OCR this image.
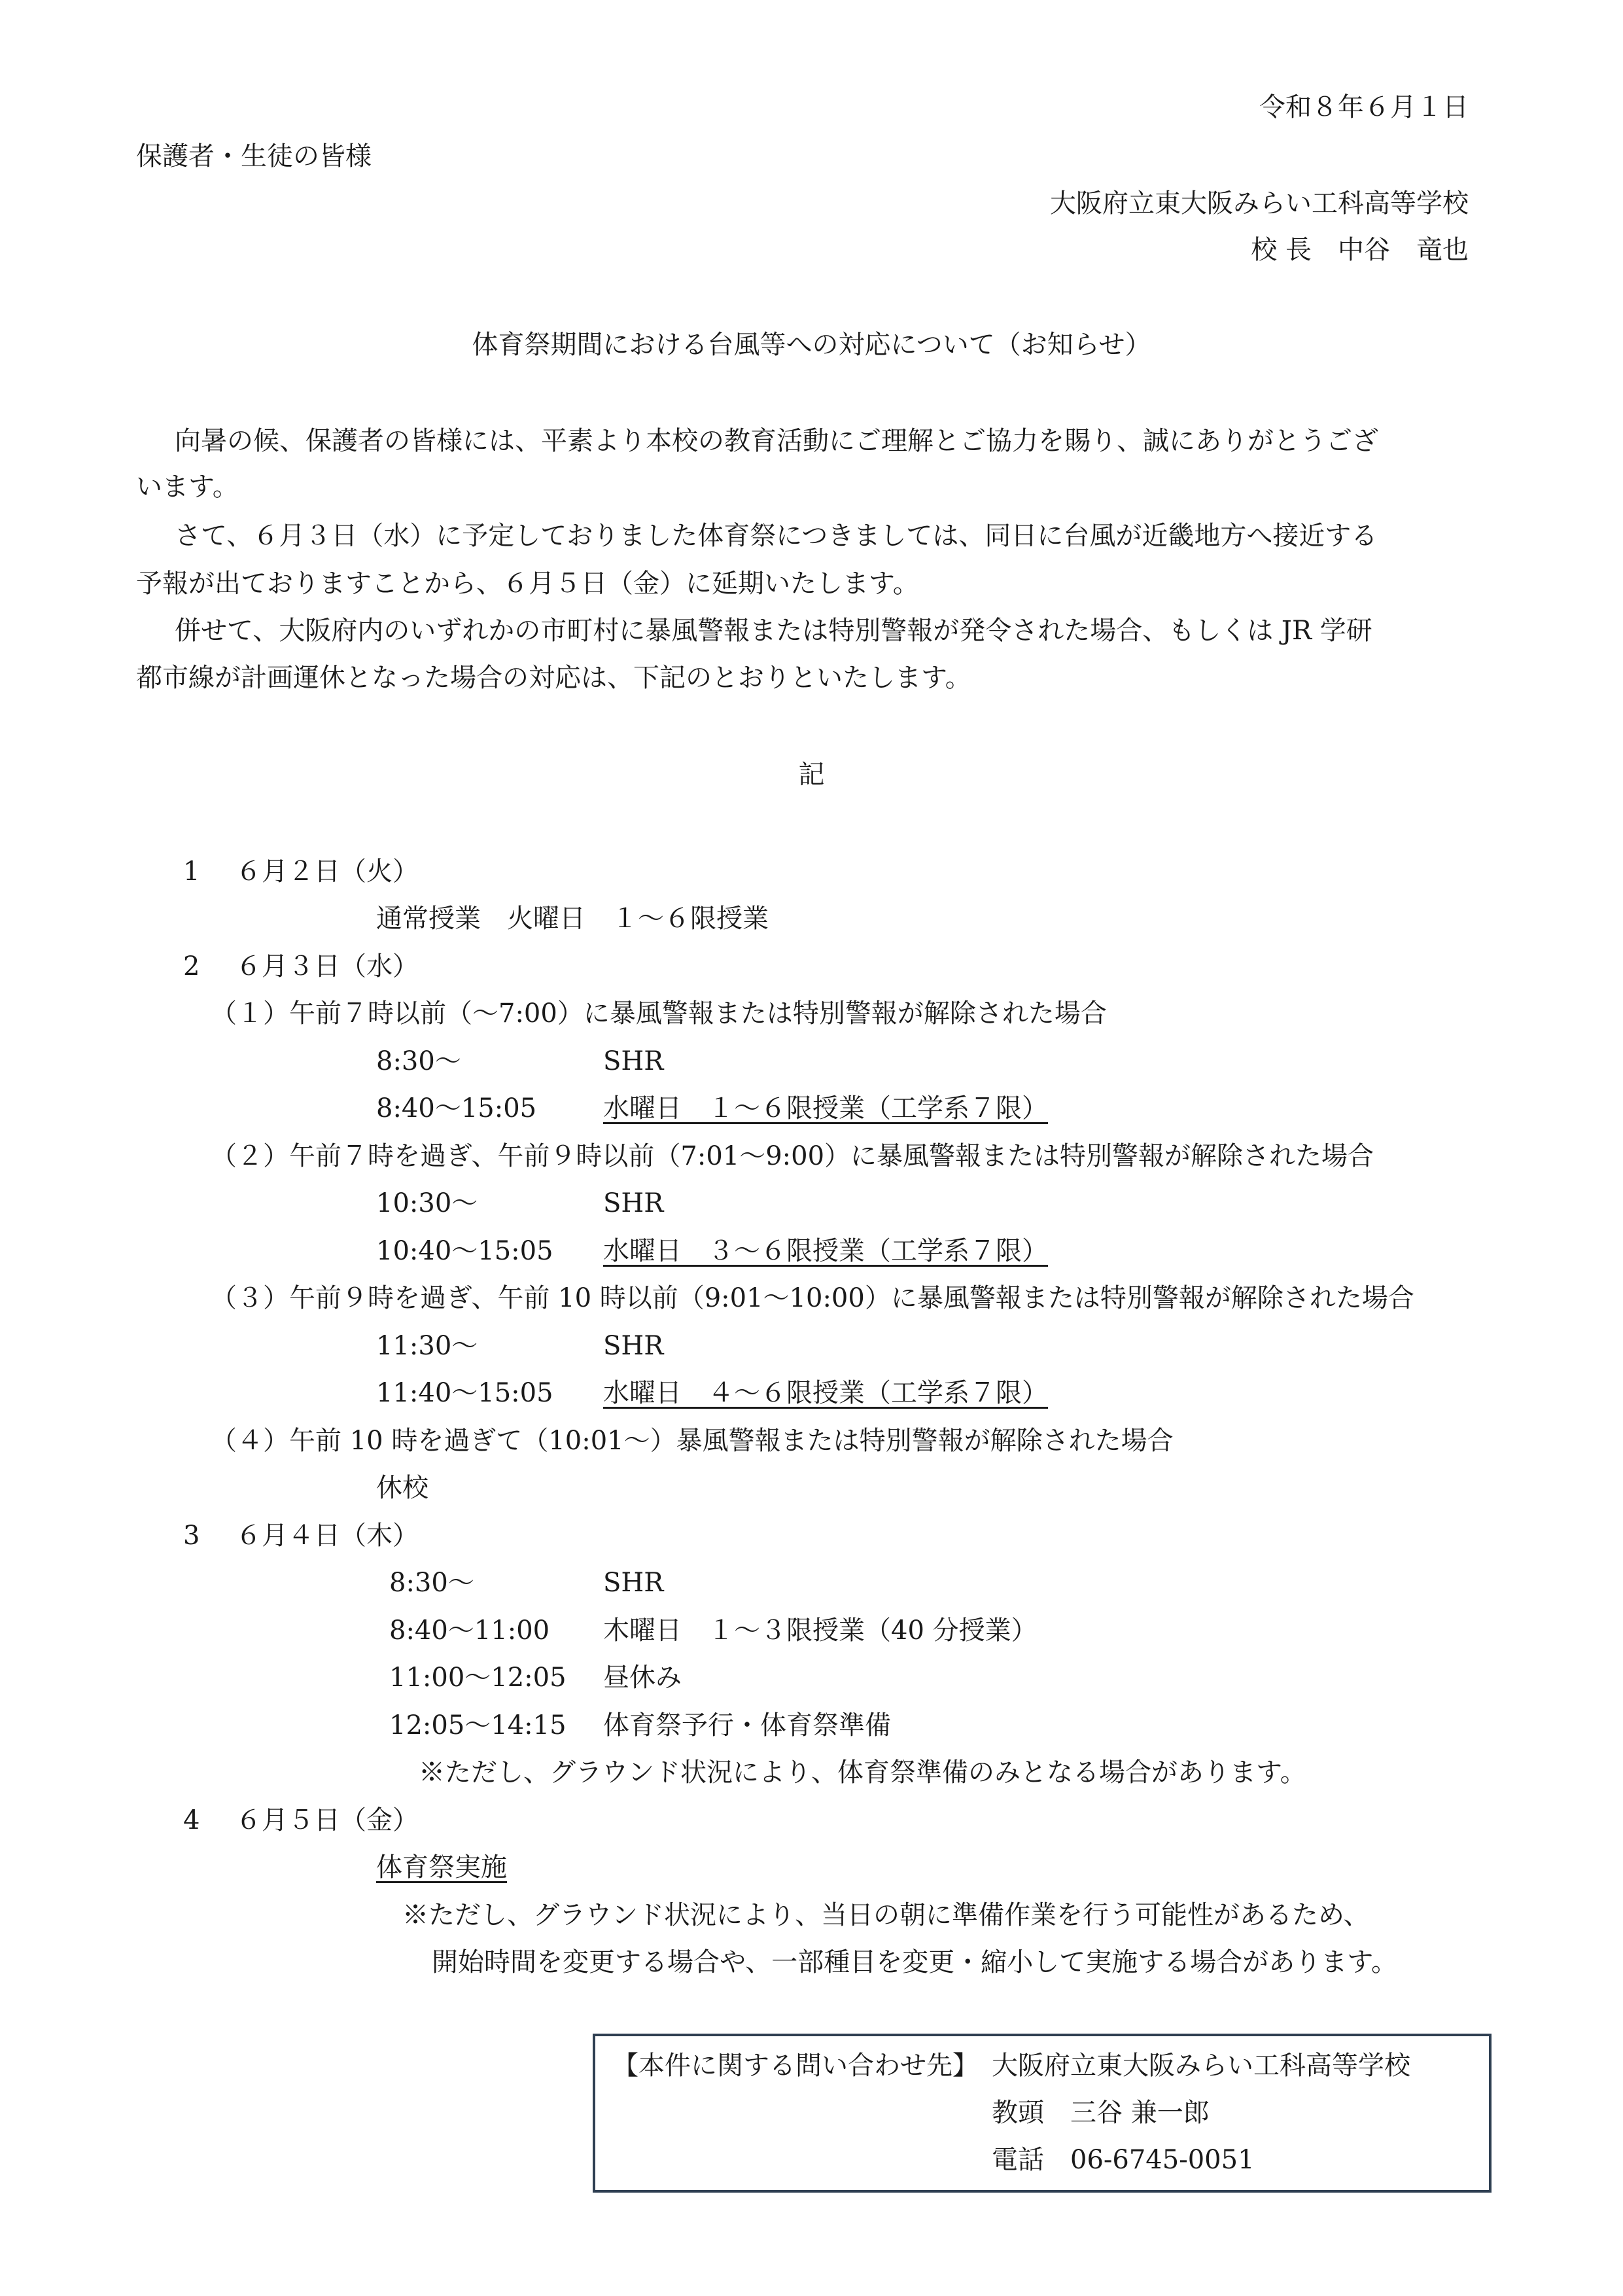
令和８年６月１日
保護者・生徒の皆様
大阪府立東大阪みらい工科高等学校
校 長　中谷　竜也
体育祭期間における台風等への対応について（お知らせ）
向暑の候、保護者の皆様には、平素より本校の教育活動にご理解とご協力を賜り、誠にありがとうござ
います。
さて、６月３日（水）に予定しておりました体育祭につきましては、同日に台風が近畿地方へ接近する
予報が出ておりますことから、６月５日（金）に延期いたします。
併せて、大阪府内のいずれかの市町村に暴風警報または特別警報が発令された場合、もしくは JR 学研
都市線が計画運休となった場合の対応は、下記のとおりといたします。
記
1 ６月２日（火）
通常授業　火曜日　１～６限授業
2 ６月３日（水）
（１）午前７時以前（～7:00）に暴風警報または特別警報が解除された場合
8:30～	SHR
8:40～15:05	水曜日　１～６限授業（工学系７限）
（２）午前７時を過ぎ、午前９時以前（7:01～9:00）に暴風警報または特別警報が解除された場合
10:30～	SHR
10:40～15:05 水曜日　３～６限授業（工学系７限）
（３）午前９時を過ぎ、午前 10 時以前（9:01～10:00）に暴風警報または特別警報が解除された場合
11:30～	SHR
11:40～15:05 水曜日　４～６限授業（工学系７限）
（４）午前 10 時を過ぎて（10:01～）暴風警報または特別警報が解除された場合
休校
3 ６月４日（木）
8:30～	SHR
8:40～11:00 木曜日　１～３限授業（40 分授業）
11:00～12:05 昼休み
12:05～14:15 体育祭予行・体育祭準備
※ただし、グラウンド状況により、体育祭準備のみとなる場合があります。
4 ６月５日（金）
体育祭実施
※ただし、グラウンド状況により、当日の朝に準備作業を行う可能性があるため、
開始時間を変更する場合や、一部種目を変更・縮小して実施する場合があります。
【本件に関する問い合わせ先】 大阪府立東大阪みらい工科高等学校
教頭　三谷 兼一郎
電話　06-6745-0051
